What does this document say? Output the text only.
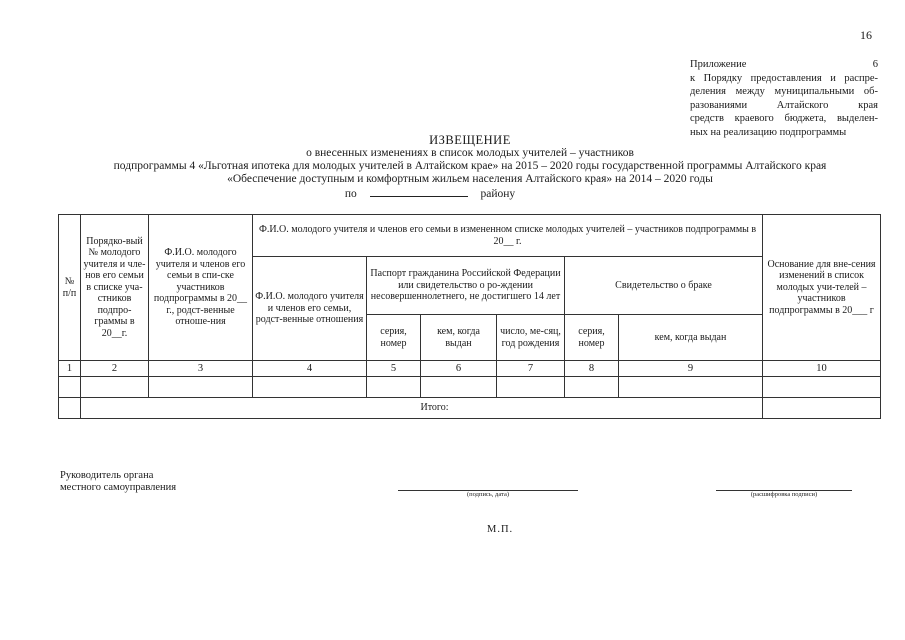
16
Приложение 6
к Порядку предоставления и распре-
деления между муниципальными об-
разованиями Алтайского края
средств краевого бюджета, выделен-
ных на реализацию подпрограммы
ИЗВЕЩЕНИЕ
о внесенных изменениях в список молодых учителей – участников
подпрограммы 4 «Льготная ипотека для молодых учителей в Алтайском крае» на 2015 – 2020 годы государственной программы Алтайского края
«Обеспечение доступным и комфортным жильем населения Алтайского края» на 2014 – 2020 годы
по	району
№ п/п	Порядко-вый № молодого учителя и чле-нов его семьи в списке уча-стников подпро-граммы в 20__г.	Ф.И.О. молодого учителя и членов его семьи в спи-ске участников подпрограммы в 20__ г., родст-венные отноше-ния	Ф.И.О. молодого учителя и членов его семьи в измененном списке молодых учителей – участников подпрограммы в 20__ г.						Основание для вне-сения изменений в список молодых учи-телей – участников подпрограммы в 20___ г
			Ф.И.О. молодого учителя и членов его семьи, родст-венные отношения	Паспорт гражданина Российской Федерации или свидетельство о ро-ждении несовершеннолетнего, не достигшего 14 лет			Свидетельство о браке		
				серия, номер	кем, когда выдан	число, ме-сяц, год рождения	серия, номер	кем, когда выдан	
1	2	3	4	5	6	7	8	9	10

	Итого:								
Руководитель органа
местного самоуправления
(подпись, дата)	(расшифровка подписи)
М.П.
